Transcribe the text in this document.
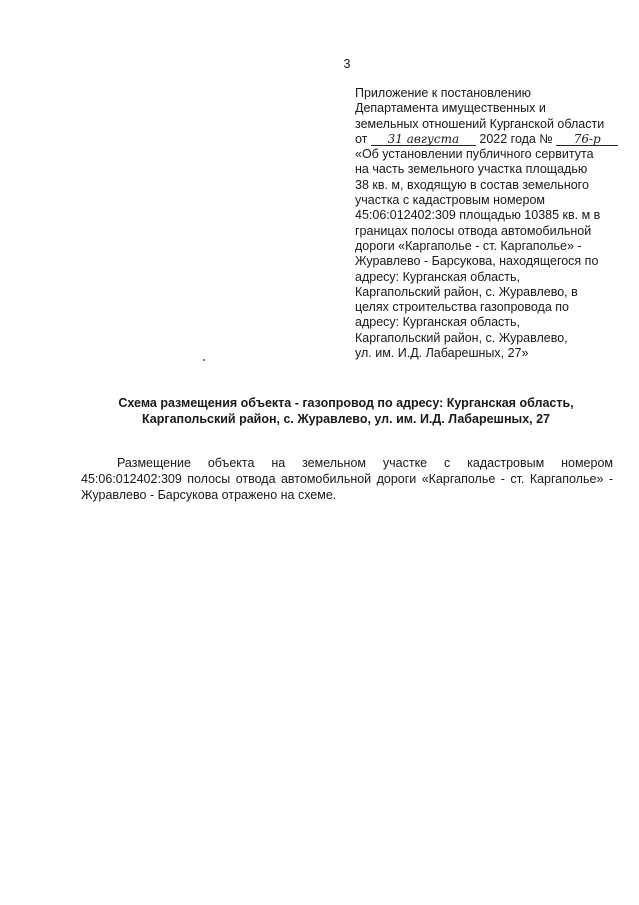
3
Приложение к постановлению
Департамента имущественных и
земельных отношений Курганской области
от 31 августа 2022 года № 76-р
«Об установлении публичного сервитута
на часть земельного участка площадью
38 кв. м, входящую в состав земельного
участка с кадастровым номером
45:06:012402:309 площадью 10385 кв. м в
границах полосы отвода автомобильной
дороги «Каргаполье - ст. Каргаполье» -
Журавлево - Барсукова, находящегося по
адресу: Курганская область,
Каргапольский район, с. Журавлево, в
целях строительства газопровода по
адресу: Курганская область,
Каргапольский район, с. Журавлево,
ул. им. И.Д. Лабарешных, 27»
Схема размещения объекта - газопровод по адресу: Курганская область,
Каргапольский район, с. Журавлево, ул. им. И.Д. Лабарешных, 27
Размещение объекта на земельном участке с кадастровым номером
45:06:012402:309 полосы отвода автомобильной дороги «Каргаполье - ст. Каргаполье» -
Журавлево - Барсукова отражено на схеме.
